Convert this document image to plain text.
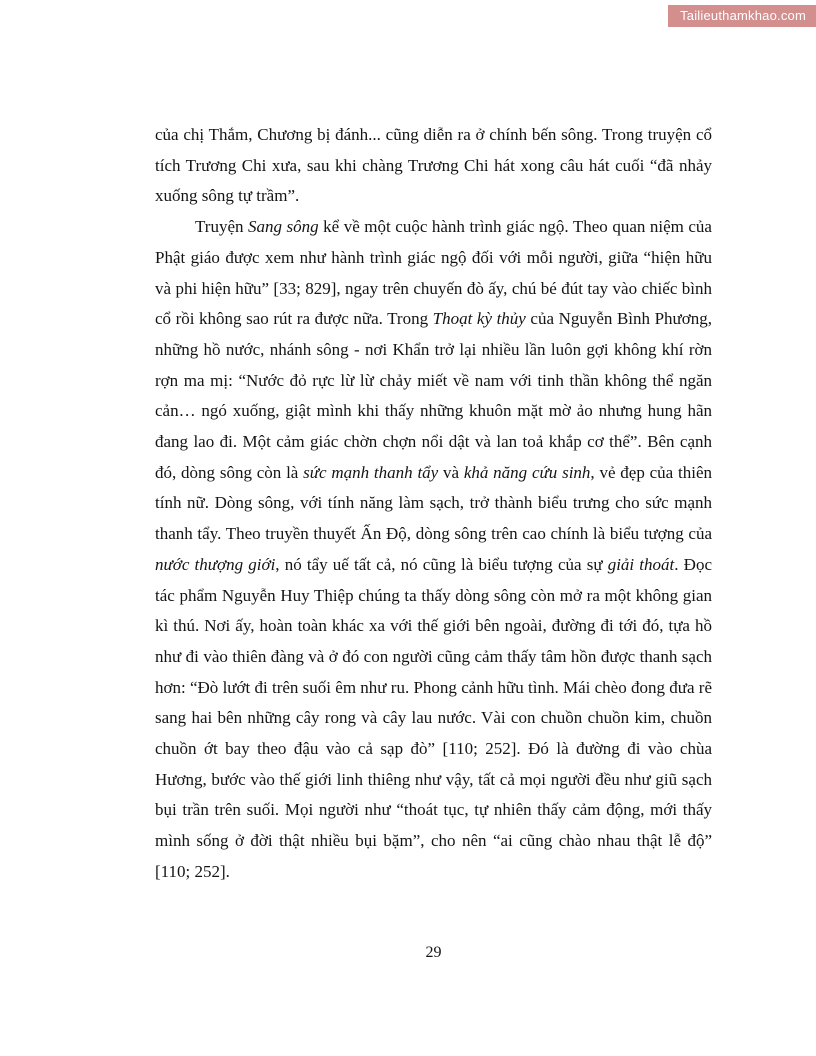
Tailieuthamkhao.com

của chị Thắm, Chương bị đánh... cũng diễn ra ở chính bến sông. Trong truyện cổ tích Trương Chi xưa, sau khi chàng Trương Chi hát xong câu hát cuối “đã nhảy xuống sông tự trầm”.

Truyện Sang sông kể về một cuộc hành trình giác ngộ. Theo quan niệm của Phật giáo được xem như hành trình giác ngộ đối với mỗi người, giữa “hiện hữu và phi hiện hữu” [33; 829], ngay trên chuyến đò ấy, chú bé đút tay vào chiếc bình cổ rồi không sao rút ra được nữa. Trong Thoạt kỳ thủy của Nguyễn Bình Phương, những hồ nước, nhánh sông - nơi Khẩn trở lại nhiều lần luôn gợi không khí rờn rợn ma mị: “Nước đỏ rực lừ lừ chảy miết về nam với tinh thần không thể ngăn cản… ngó xuống, giật mình khi thấy những khuôn mặt mờ ảo nhưng hung hãn đang lao đi. Một cảm giác chờn chợn nổi dật và lan toả khắp cơ thể”. Bên cạnh đó, dòng sông còn là sức mạnh thanh tẩy và khả năng cứu sinh, vẻ đẹp của thiên tính nữ. Dòng sông, với tính năng làm sạch, trở thành biểu trưng cho sức mạnh thanh tẩy. Theo truyền thuyết Ấn Độ, dòng sông trên cao chính là biểu tượng của nước thượng giới, nó tẩy uế tất cả, nó cũng là biểu tượng của sự giải thoát. Đọc tác phẩm Nguyễn Huy Thiệp chúng ta thấy dòng sông còn mở ra một không gian kì thú. Nơi ấy, hoàn toàn khác xa với thế giới bên ngoài, đường đi tới đó, tựa hồ như đi vào thiên đàng và ở đó con người cũng cảm thấy tâm hồn được thanh sạch hơn: “Đò lướt đi trên suối êm như ru. Phong cảnh hữu tình. Mái chèo đong đưa rẽ sang hai bên những cây rong và cây lau nước. Vài con chuồn chuồn kim, chuồn chuồn ớt bay theo đậu vào cả sạp đò” [110; 252]. Đó là đường đi vào chùa Hương, bước vào thế giới linh thiêng như vậy, tất cả mọi người đều như giũ sạch bụi trần trên suối. Mọi người như “thoát tục, tự nhiên thấy cảm động, mới thấy mình sống ở đời thật nhiều bụi bặm”, cho nên “ai cũng chào nhau thật lễ độ” [110; 252].

29
